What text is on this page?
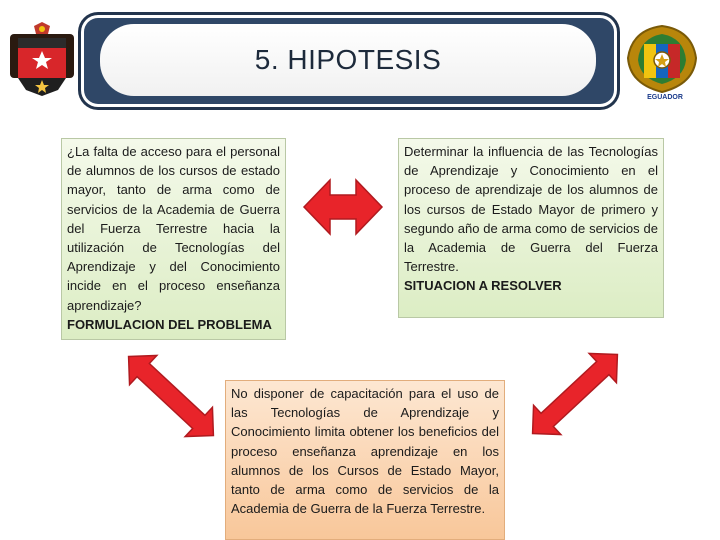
EGUADOR
5. HIPOTESIS
¿La falta de acceso para el personal de alumnos de los cursos de estado mayor, tanto de arma como de servicios de la Academia de Guerra del Fuerza Terrestre hacia la utilización de Tecnologías del Aprendizaje y del Conocimiento incide en el proceso enseñanza aprendizaje?
FORMULACION DEL PROBLEMA
Determinar la influencia de las Tecnologías de Aprendizaje y Conocimiento en el proceso de aprendizaje de los alumnos de los cursos de Estado Mayor de primero y segundo año de arma como de servicios de la Academia de Guerra del Fuerza Terrestre.
SITUACION A RESOLVER
No disponer de capacitación para el uso de las Tecnologías de Aprendizaje y Conocimiento limita obtener los beneficios del proceso enseñanza aprendizaje en los alumnos de los Cursos de Estado Mayor, tanto de arma como de servicios de la Academia de Guerra de la Fuerza Terrestre.
